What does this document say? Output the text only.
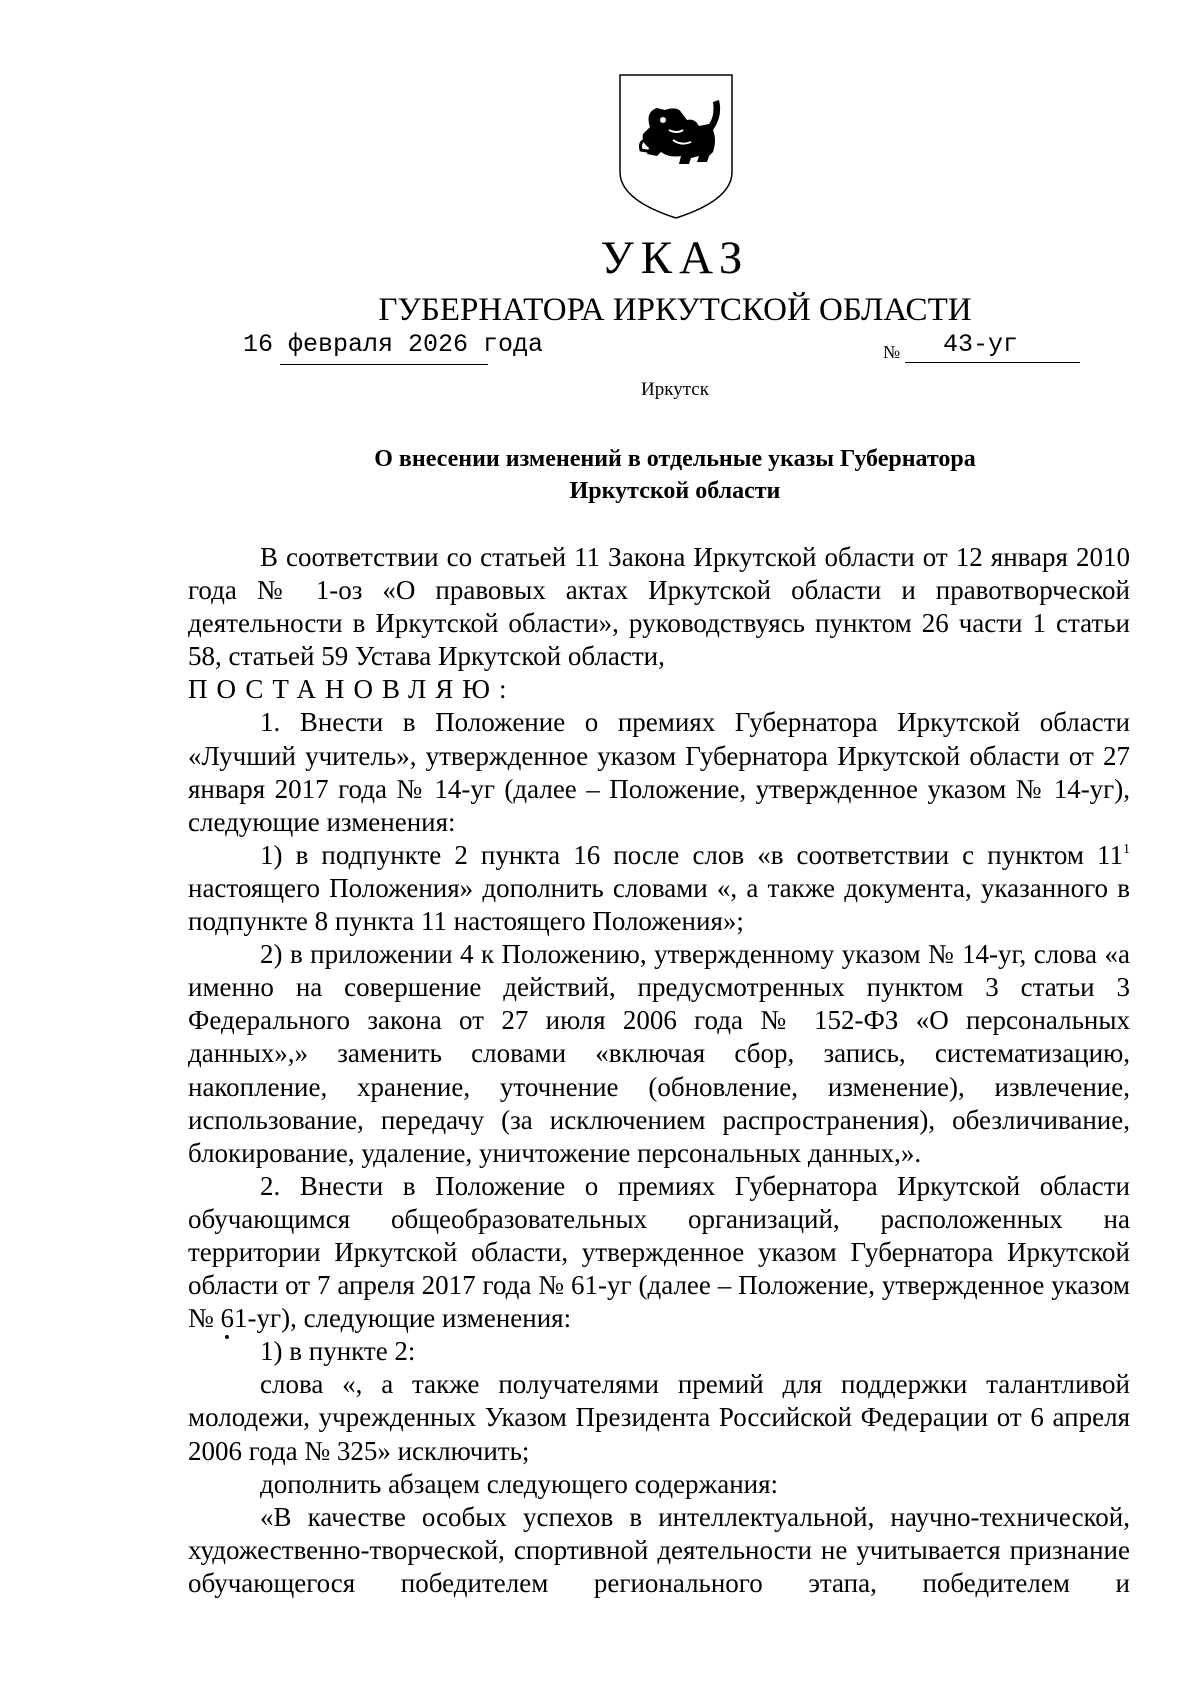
УКАЗ
ГУБЕРНАТОРА ИРКУТСКОЙ ОБЛАСТИ
16 февраля 2026 года	№ 43-уг
Иркутск
О внесении изменений в отдельные указы Губернатора
Иркутской области

В соответствии со статьей 11 Закона Иркутской области от 12 января 2010 года № 1-оз «О правовых актах Иркутской области и правотворческой деятельности в Иркутской области», руководствуясь пунктом 26 части 1 статьи 58, статьей 59 Устава Иркутской области,

ПОСТАНОВЛЯЮ:

1. Внести в Положение о премиях Губернатора Иркутской области «Лучший учитель», утвержденное указом Губернатора Иркутской области от 27 января 2017 года № 14-уг (далее – Положение, утвержденное указом № 14-уг), следующие изменения:

1) в подпункте 2 пункта 16 после слов «в соответствии с пунктом $11^1$ настоящего Положения» дополнить словами «, а также документа, указанного в подпункте 8 пункта 11 настоящего Положения»;

2) в приложении 4 к Положению, утвержденному указом № 14-уг, слова «а именно на совершение действий, предусмотренных пунктом 3 статьи 3 Федерального закона от 27 июля 2006 года № 152-ФЗ «О персональных данных»,» заменить словами «включая сбор, запись, систематизацию, накопление, хранение, уточнение (обновление, изменение), извлечение, использование, передачу (за исключением распространения), обезличивание, блокирование, удаление, уничтожение персональных данных,».

2. Внести в Положение о премиях Губернатора Иркутской области обучающимся общеобразовательных организаций, расположенных на территории Иркутской области, утвержденное указом Губернатора Иркутской области от 7 апреля 2017 года № 61-уг (далее – Положение, утвержденное указом № 61-уг), следующие изменения:

1) в пункте 2:

слова «, а также получателями премий для поддержки талантливой молодежи, учрежденных Указом Президента Российской Федерации от 6 апреля 2006 года № 325» исключить;

дополнить абзацем следующего содержания:

«В качестве особых успехов в интеллектуальной, научно-технической, художественно-творческой, спортивной деятельности не учитывается признание обучающегося победителем регионального этапа, победителем и
